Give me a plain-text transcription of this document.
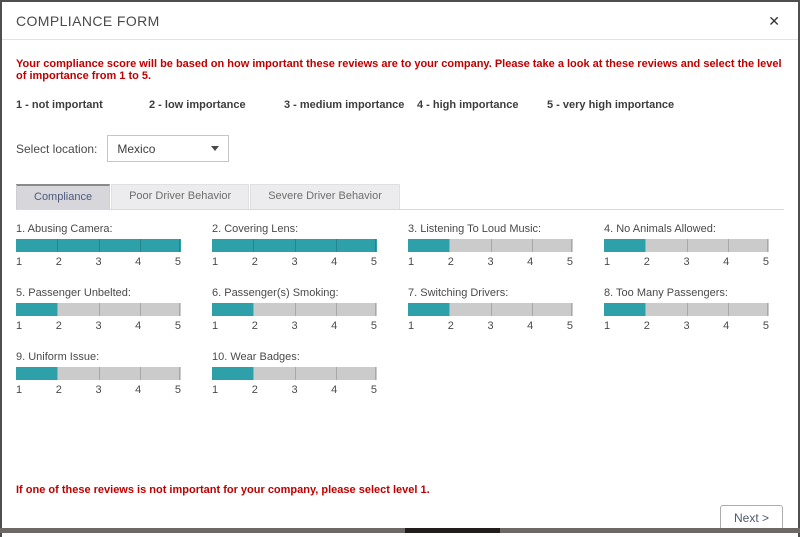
COMPLIANCE FORM	✕
Your compliance score will be based on how important these reviews are to your company. Please take a look at these reviews and select the level of importance from 1 to 5.
1 - not important	2 - low importance	3 - medium importance	4 - high importance	5 - very high importance
Select location: Mexico
Compliance	Poor Driver Behavior	Severe Driver Behavior
1. Abusing Camera:
1	2	3	4	5
2. Covering Lens:
1	2	3	4	5
3. Listening To Loud Music:
1	2	3	4	5
4. No Animals Allowed:
1	2	3	4	5
5. Passenger Unbelted:
1	2	3	4	5
6. Passenger(s) Smoking:
1	2	3	4	5
7. Switching Drivers:
1	2	3	4	5
8. Too Many Passengers:
1	2	3	4	5
9. Uniform Issue:
1	2	3	4	5
10. Wear Badges:
1	2	3	4	5
If one of these reviews is not important for your company, please select level 1.
Next >
